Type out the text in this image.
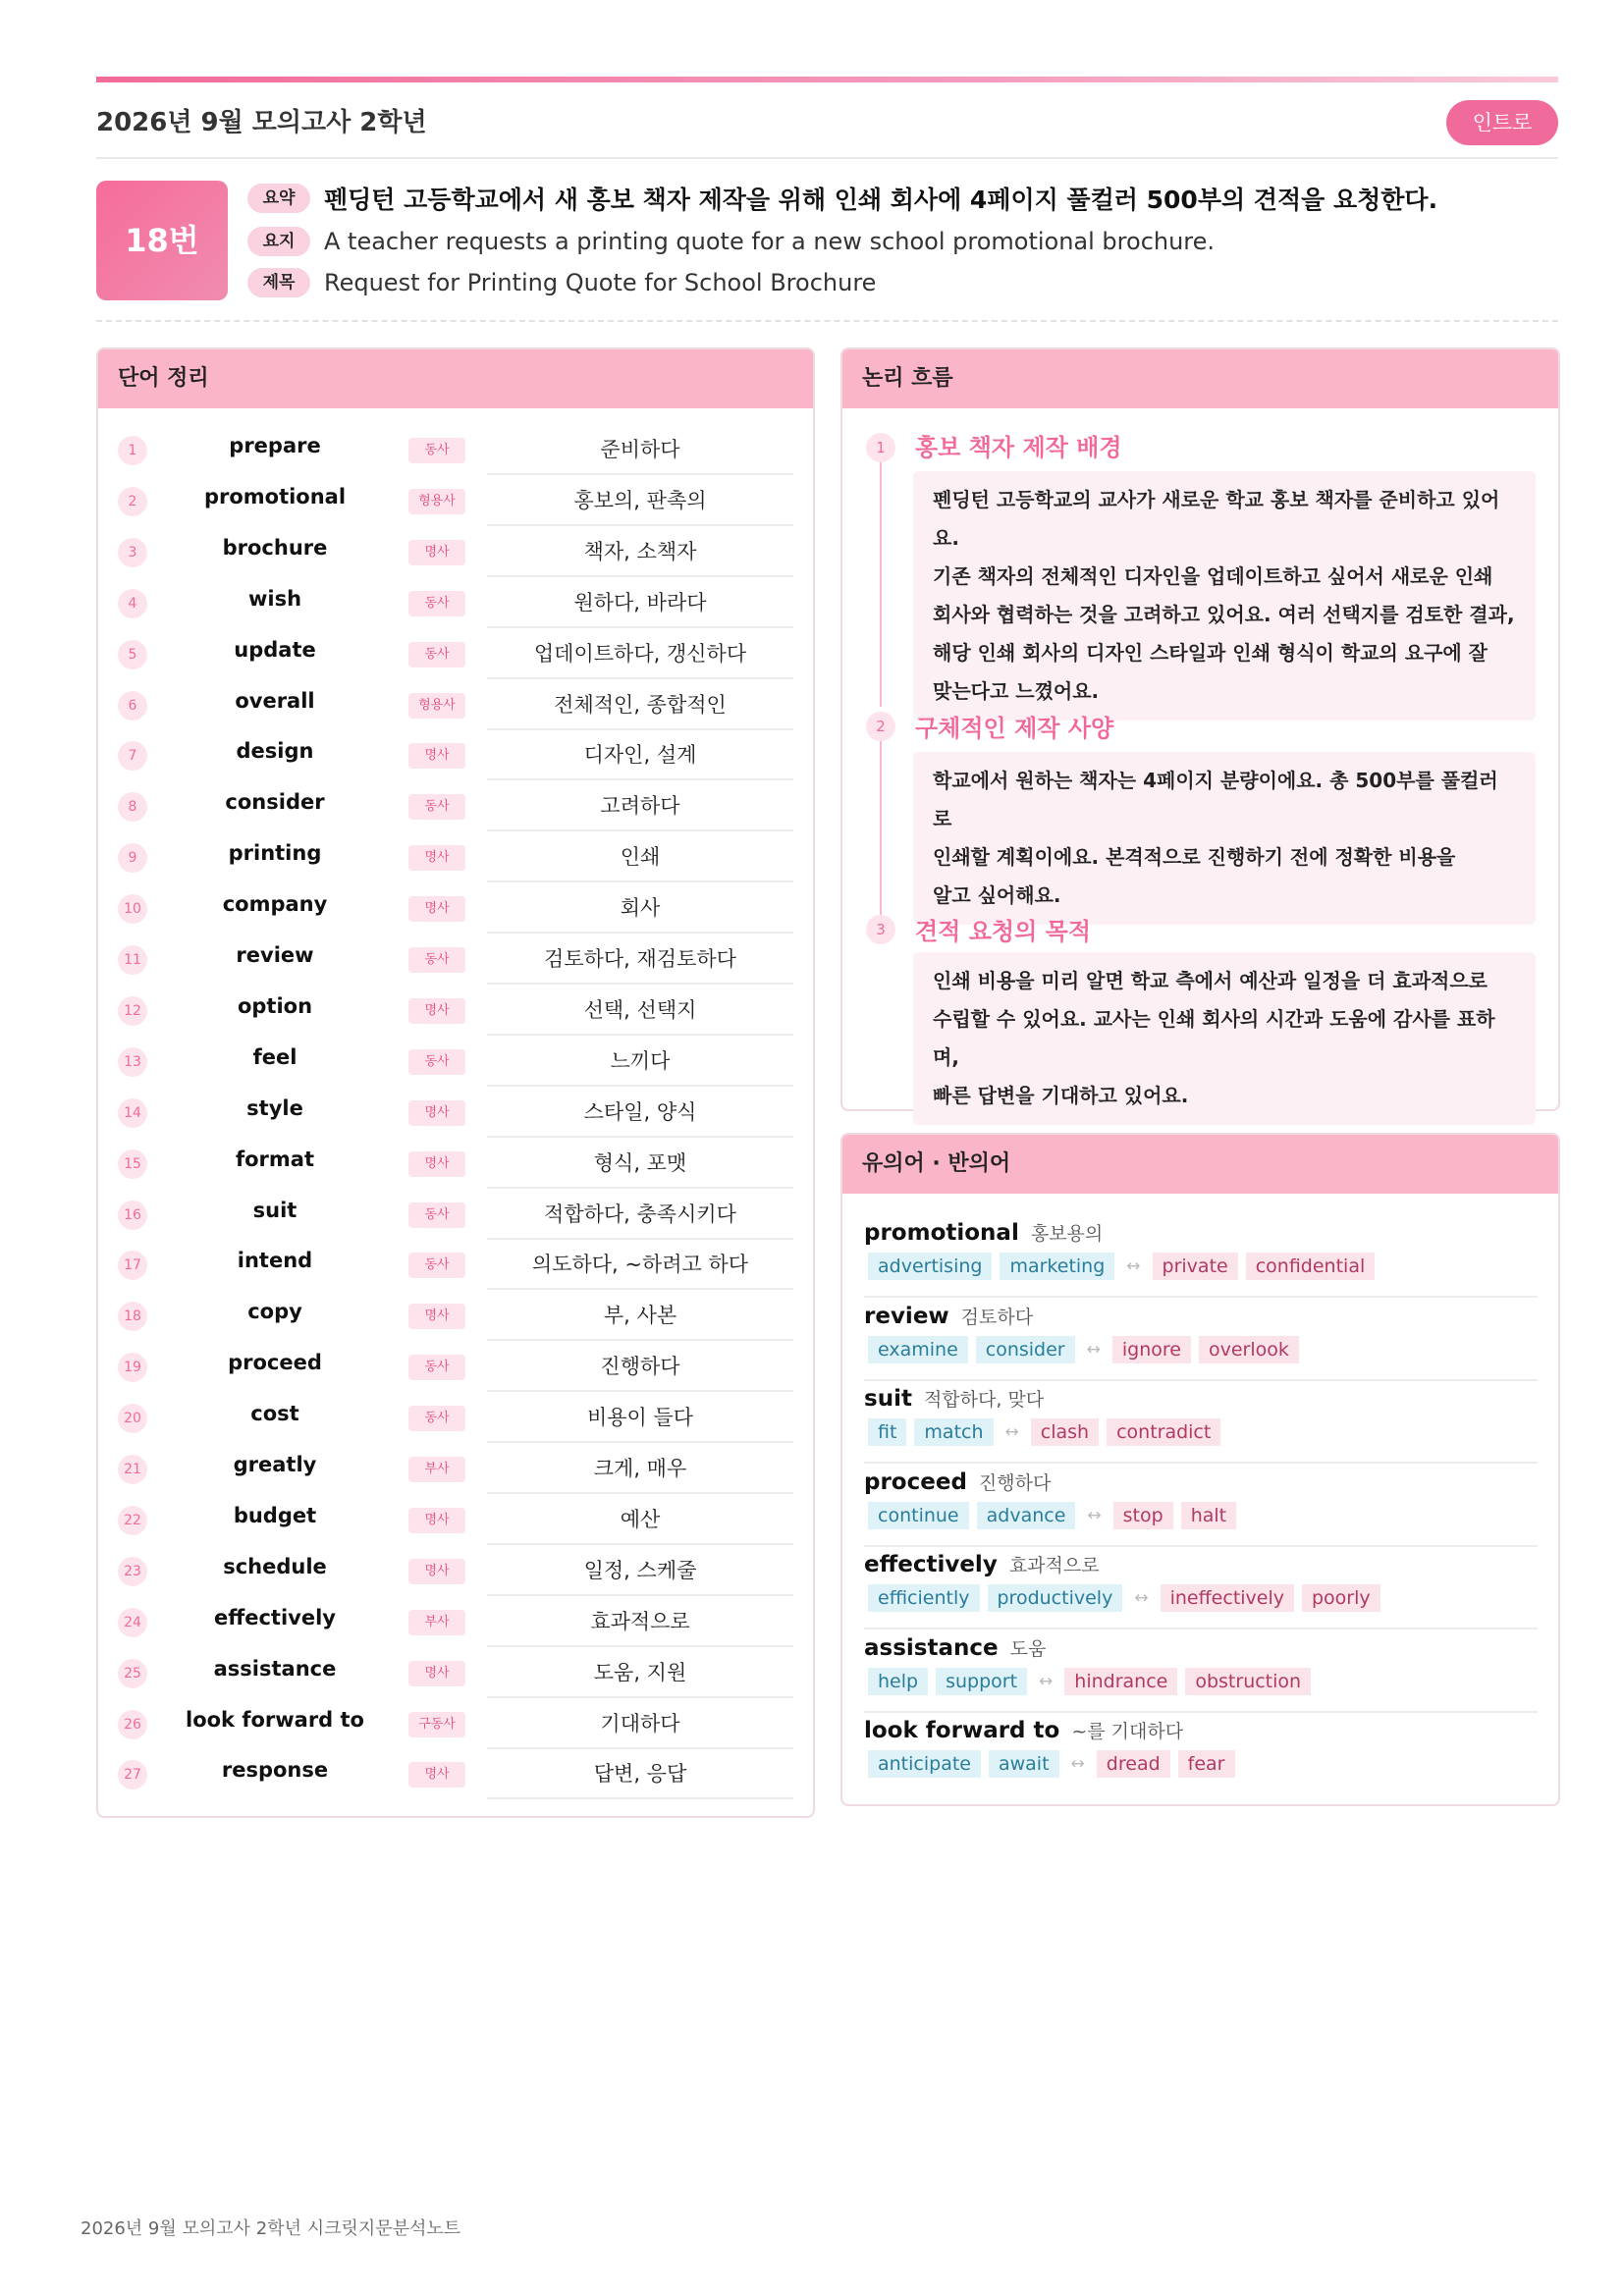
2026년 9월 모의고사 2학년	인트로
18번
요약	펜딩턴 고등학교에서 새 홍보 책자 제작을 위해 인쇄 회사에 4페이지 풀컬러 500부의 견적을 요청한다.
요지	A teacher requests a printing quote for a new school promotional brochure.
제목	Request for Printing Quote for School Brochure
단어 정리
1	prepare	동사	준비하다
2	promotional	형용사	홍보의, 판촉의
3	brochure	명사	책자, 소책자
4	wish	동사	원하다, 바라다
5	update	동사	업데이트하다, 갱신하다
6	overall	형용사	전체적인, 종합적인
7	design	명사	디자인, 설계
8	consider	동사	고려하다
9	printing	명사	인쇄
10	company	명사	회사
11	review	동사	검토하다, 재검토하다
12	option	명사	선택, 선택지
13	feel	동사	느끼다
14	style	명사	스타일, 양식
15	format	명사	형식, 포맷
16	suit	동사	적합하다, 충족시키다
17	intend	동사	의도하다, ~하려고 하다
18	copy	명사	부, 사본
19	proceed	동사	진행하다
20	cost	동사	비용이 들다
21	greatly	부사	크게, 매우
22	budget	명사	예산
23	schedule	명사	일정, 스케줄
24	effectively	부사	효과적으로
25	assistance	명사	도움, 지원
26	look forward to	구동사	기대하다
27	response	명사	답변, 응답
논리 흐름
1	홍보 책자 제작 배경
펜딩턴 고등학교의 교사가 새로운 학교 홍보 책자를 준비하고 있어요.
기존 책자의 전체적인 디자인을 업데이트하고 싶어서 새로운 인쇄
회사와 협력하는 것을 고려하고 있어요. 여러 선택지를 검토한 결과,
해당 인쇄 회사의 디자인 스타일과 인쇄 형식이 학교의 요구에 잘
맞는다고 느꼈어요.
2	구체적인 제작 사양
학교에서 원하는 책자는 4페이지 분량이에요. 총 500부를 풀컬러로
인쇄할 계획이에요. 본격적으로 진행하기 전에 정확한 비용을
알고 싶어해요.
3	견적 요청의 목적
인쇄 비용을 미리 알면 학교 측에서 예산과 일정을 더 효과적으로
수립할 수 있어요. 교사는 인쇄 회사의 시간과 도움에 감사를 표하며,
빠른 답변을 기대하고 있어요.
유의어 · 반의어
promotional 홍보용의
advertising	marketing	↔	private	confidential
review 검토하다
examine	consider	↔	ignore	overlook
suit 적합하다, 맞다
fit	match	↔	clash	contradict
proceed 진행하다
continue	advance	↔	stop	halt
effectively 효과적으로
efficiently	productively	↔	ineffectively	poorly
assistance 도움
help	support	↔	hindrance	obstruction
look forward to ~를 기대하다
anticipate	await	↔	dread	fear
2026년 9월 모의고사 2학년 시크릿지문분석노트
